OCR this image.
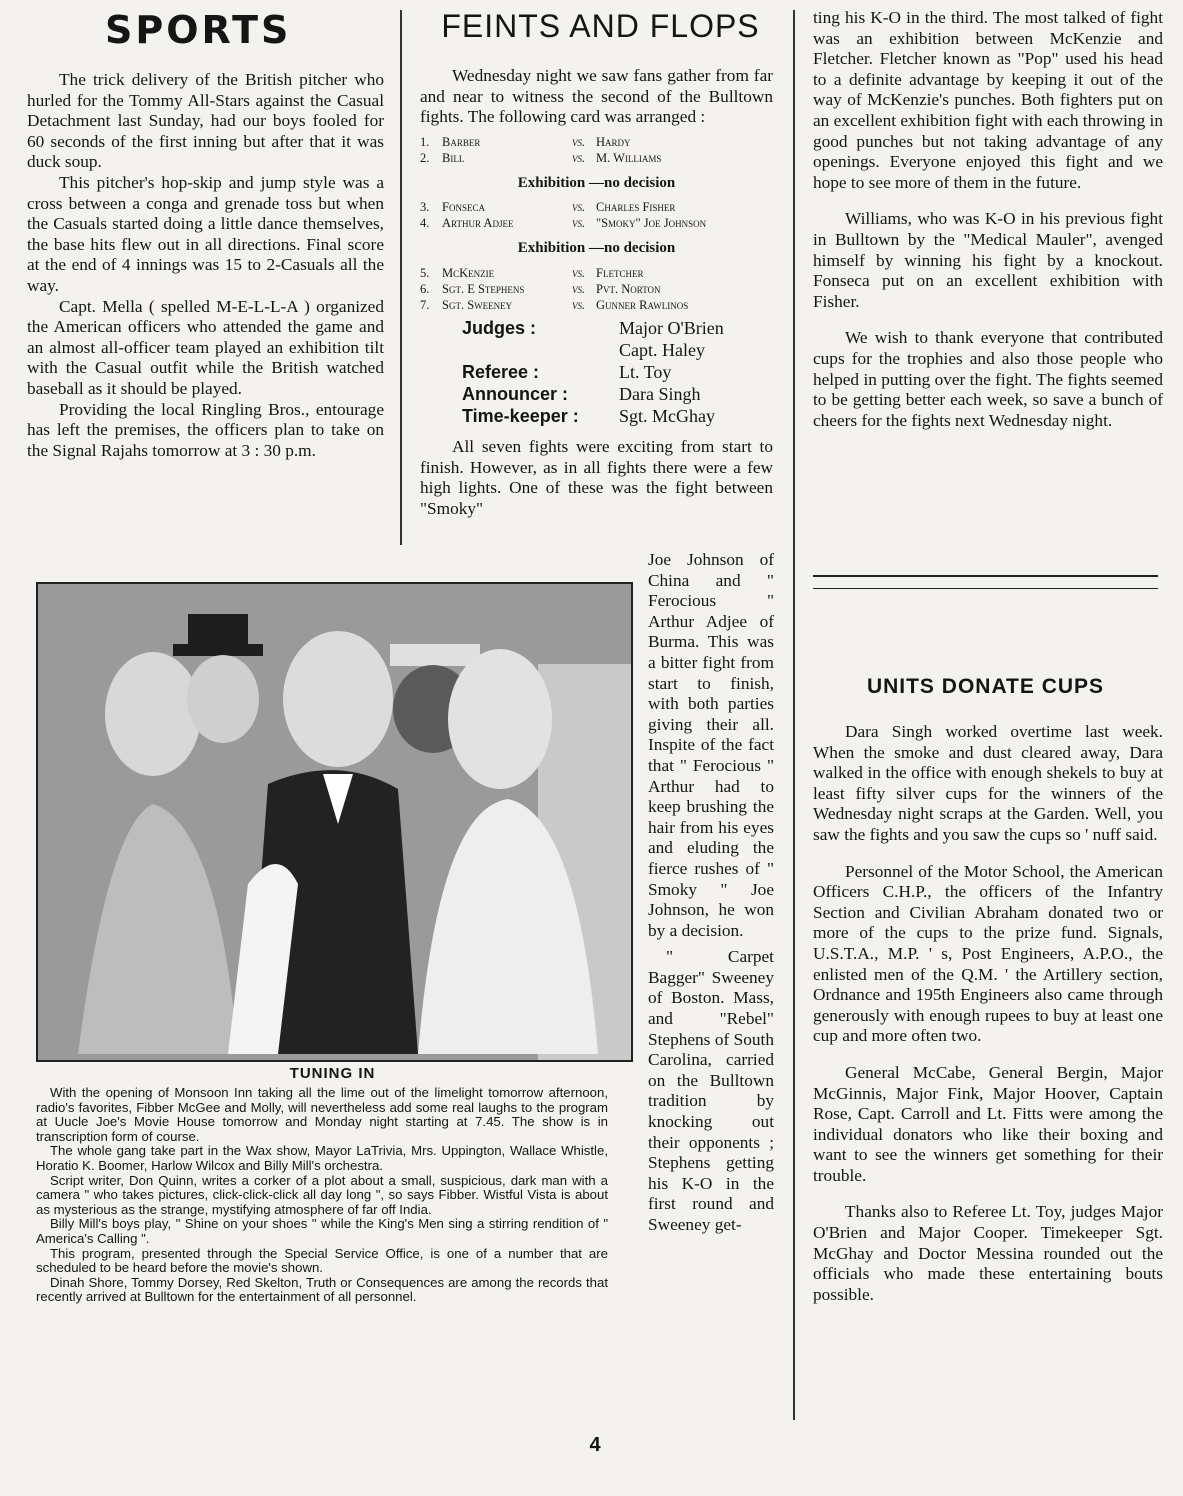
SPORTS

The trick delivery of the British pitcher who hurled for the Tommy All-Stars against the Casual Detachment last Sunday, had our boys fooled for 60 seconds of the first inning but after that it was duck soup.

This pitcher's hop-skip and jump style was a cross between a conga and grenade toss but when the Casuals started doing a little dance themselves, the base hits flew out in all directions. Final score at the end of 4 innings was 15 to 2-Casuals all the way.

Capt. Mella ( spelled M-E-L-L-A ) organized the American officers who attended the game and an almost all-officer team played an exhibition tilt with the Casual outfit while the British watched baseball as it should be played.

Providing the local Ringling Bros., entourage has left the premises, the officers plan to take on the Signal Rajahs tomorrow at 3 : 30 p.m.

FEINTS AND FLOPS

Wednesday night we saw fans gather from far and near to witness the second of the Bulltown fights. The following card was arranged :

1.	Barber	vs. Hardy
2.	Bill	vs. M. Williams
Exhibition —no decision
3.	Fonseca	vs. Charles Fisher
4.	Arthur Adjee	vs. "Smoky" Joe Johnson
Exhibition —no decision
5.	McKenzie	vs. Fletcher
6.	Sgt. E Stephens	vs. Pvt. Norton
7.	Sgt. Sweeney	vs. Gunner Rawlinos
Judges :	Major O'Brien
Capt. Haley
Referee :	Lt. Toy
Announcer :	Dara Singh
Time-keeper :	Sgt. McGhay

All seven fights were exciting from start to finish. However, as in all fights there were a few high lights. One of these was the fight between "Smoky"

Joe Johnson of China and " Ferocious " Arthur Adjee of Burma. This was a bitter fight from start to finish, with both parties giving their all. Inspite of the fact that " Ferocious " Arthur had to keep brushing the hair from his eyes and eluding the fierce rushes of " Smoky " Joe Johnson, he won by a decision.

" Carpet Bagger" Sweeney of Boston. Mass, and "Rebel" Stephens of South Carolina, carried on the Bulltown tradition by knocking out their opponents ; Stephens getting his K-O in the first round and Sweeney get-

TUNING IN

With the opening of Monsoon Inn taking all the lime out of the limelight tomorrow afternoon, radio's favorites, Fibber McGee and Molly, will nevertheless add some real laughs to the program at Uucle Joe's Movie House tomorrow and Monday night starting at 7.45. The show is in transcription form of course.

The whole gang take part in the Wax show, Mayor LaTrivia, Mrs. Uppington, Wallace Whistle, Horatio K. Boomer, Harlow Wilcox and Billy Mill's orchestra.

Script writer, Don Quinn, writes a corker of a plot about a small, suspicious, dark man with a camera " who takes pictures, click-click-click all day long ", so says Fibber. Wistful Vista is about as mysterious as the strange, mystifying atmosphere of far off India.

Billy Mill's boys play, " Shine on your shoes " while the King's Men sing a stirring rendition of " America's Calling ".

This program, presented through the Special Service Office, is one of a number that are scheduled to be heard before the movie's shown.

Dinah Shore, Tommy Dorsey, Red Skelton, Truth or Consequences are among the records that recently arrived at Bulltown for the entertainment of all personnel.

ting his K-O in the third. The most talked of fight was an exhibition between McKenzie and Fletcher. Fletcher known as "Pop" used his head to a definite advantage by keeping it out of the way of McKenzie's punches. Both fighters put on an excellent exhibition fight with each throwing in good punches but not taking advantage of any openings. Everyone enjoyed this fight and we hope to see more of them in the future.

Williams, who was K-O in his previous fight in Bulltown by the "Medical Mauler", avenged himself by winning his fight by a knockout. Fonseca put on an excellent exhibition with Fisher.

We wish to thank everyone that contributed cups for the trophies and also those people who helped in putting over the fight. The fights seemed to be getting better each week, so save a bunch of cheers for the fights next Wednesday night.

UNITS DONATE CUPS

Dara Singh worked overtime last week. When the smoke and dust cleared away, Dara walked in the office with enough shekels to buy at least fifty silver cups for the winners of the Wednesday night scraps at the Garden. Well, you saw the fights and you saw the cups so ' nuff said.

Personnel of the Motor School, the American Officers C.H.P., the officers of the Infantry Section and Civilian Abraham donated two or more of the cups to the prize fund. Signals, U.S.T.A., M.P. ' s, Post Engineers, A.P.O., the enlisted men of the Q.M. ' the Artillery section, Ordnance and 195th Engineers also came through generously with enough rupees to buy at least one cup and more often two.

General McCabe, General Bergin, Major McGinnis, Major Fink, Major Hoover, Captain Rose, Capt. Carroll and Lt. Fitts were among the individual donators who like their boxing and want to see the winners get something for their trouble.

Thanks also to Referee Lt. Toy, judges Major O'Brien and Major Cooper. Timekeeper Sgt. McGhay and Doctor Messina rounded out the officials who made these entertaining bouts possible.

4
